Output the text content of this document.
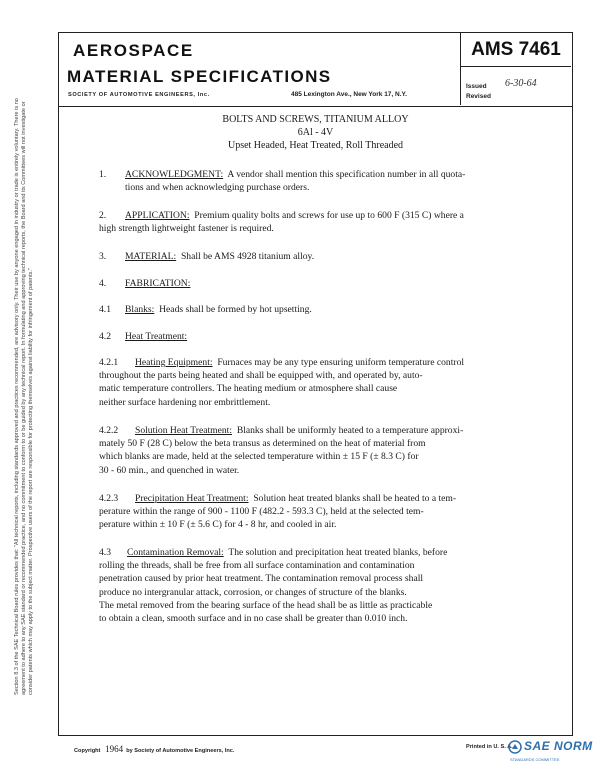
Section 8.3 of the SAE Technical Board rules provides that: "All technical reports, including standards approved and practices recommended, are advisory only. Their use by anyone engaged in industry or trade is entirely voluntary. There is no agreement to adhere to any SAE standard or recommended practice, and no commitment to conform to or be guided by any technical report. In formulating and approving technical reports, the Board and its Committees will not investigate or consider patents which may apply to the subject matter. Prospective users of the report are responsible for protecting themselves against liability for infringement of patents."
AEROSPACE
MATERIAL SPECIFICATIONS
SOCIETY OF AUTOMOTIVE ENGINEERS, Inc.	485 Lexington Ave., New York 17, N.Y.
AMS 7461
Issued 6-30-64
Revised
BOLTS AND SCREWS, TITANIUM ALLOY
6Al - 4V
Upset Headed, Heat Treated, Roll Threaded
1. ACKNOWLEDGMENT: A vendor shall mention this specification number in all quota-
tions and when acknowledging purchase orders.
2. APPLICATION: Premium quality bolts and screws for use up to 600 F (315 C) where a
high strength lightweight fastener is required.
3. MATERIAL: Shall be AMS 4928 titanium alloy.
4. FABRICATION:
4.1 Blanks: Heads shall be formed by hot upsetting.
4.2 Heat Treatment:
4.2.1 Heating Equipment: Furnaces may be any type ensuring uniform temperature control
throughout the parts being heated and shall be equipped with, and operated by, auto-
matic temperature controllers. The heating medium or atmosphere shall cause
neither surface hardening nor embrittlement.
4.2.2 Solution Heat Treatment: Blanks shall be uniformly heated to a temperature approxi-
mately 50 F (28 C) below the beta transus as determined on the heat of material from
which blanks are made, held at the selected temperature within ± 15 F (± 8.3 C) for
30 - 60 min., and quenched in water.
4.2.3 Precipitation Heat Treatment: Solution heat treated blanks shall be heated to a tem-
perature within the range of 900 - 1100 F (482.2 - 593.3 C), held at the selected tem-
perature within ± 10 F (± 5.6 C) for 4 - 8 hr, and cooled in air.
4.3 Contamination Removal: The solution and precipitation heat treated blanks, before
rolling the threads, shall be free from all surface contamination and contamination
penetration caused by prior heat treatment. The contamination removal process shall
produce no intergranular attack, corrosion, or changes of structure of the blanks.
The metal removed from the bearing surface of the head shall be as little as practicable
to obtain a clean, smooth surface and in no case shall be greater than 0.010 inch.
Copyright 1964 by Society of Automotive Engineers, Inc.
Printed in U. S. A. SAE NORM
STANDARDS COMMITTEE
